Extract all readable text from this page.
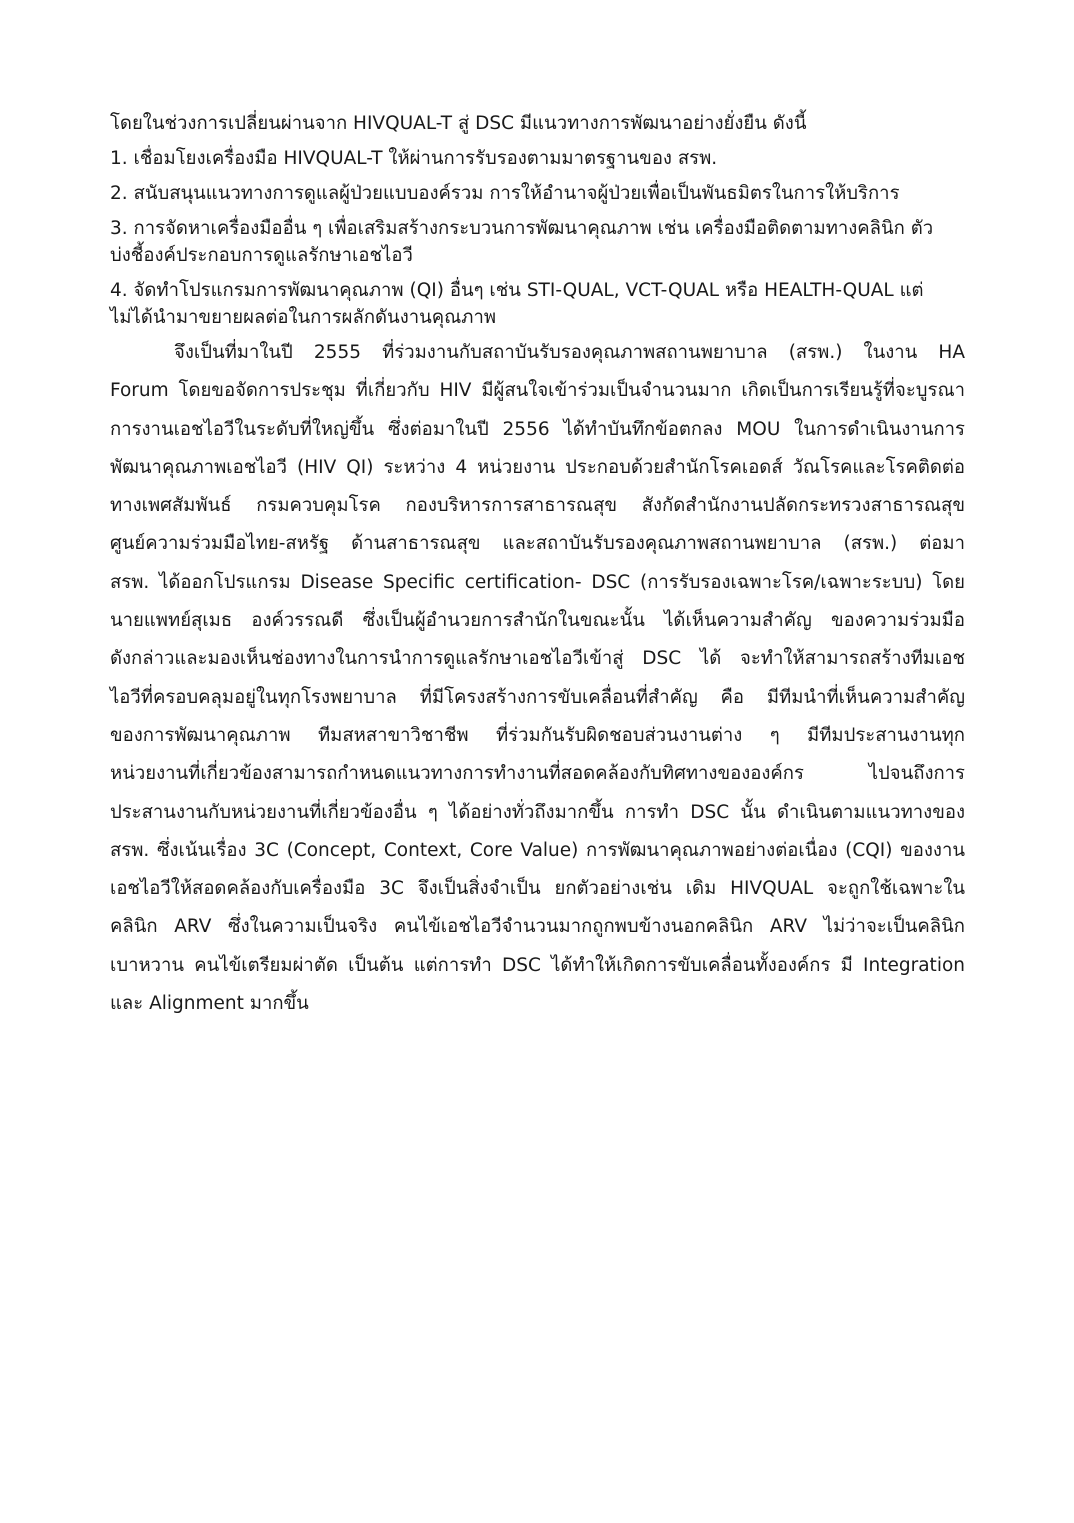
โดยในช่วงการเปลี่ยนผ่านจาก HIVQUAL-T สู่ DSC มีแนวทางการพัฒนาอย่างยั่งยืน ดังนี้
1. เชื่อมโยงเครื่องมือ HIVQUAL-T ให้ผ่านการรับรองตามมาตรฐานของ สรพ.
2. สนับสนุนแนวทางการดูแลผู้ป่วยแบบองค์รวม การให้อำนาจผู้ป่วยเพื่อเป็นพันธมิตรในการให้บริการ
3. การจัดหาเครื่องมืออื่น ๆ เพื่อเสริมสร้างกระบวนการพัฒนาคุณภาพ เช่น เครื่องมือติดตามทางคลินิก ตัว
บ่งชี้องค์ประกอบการดูแลรักษาเอชไอวี
4. จัดทำโปรแกรมการพัฒนาคุณภาพ (QI) อื่นๆ เช่น STI-QUAL, VCT-QUAL หรือ HEALTH-QUAL แต่
ไม่ได้นำมาขยายผลต่อในการผลักดันงานคุณภาพ
จึงเป็นที่มาในปี 2555 ที่ร่วมงานกับสถาบันรับรองคุณภาพสถานพยาบาล (สรพ.) ในงาน HA
Forum โดยขอจัดการประชุม ที่เกี่ยวกับ HIV มีผู้สนใจเข้าร่วมเป็นจำนวนมาก เกิดเป็นการเรียนรู้ที่จะบูรณา
การงานเอชไอวีในระดับที่ใหญ่ขึ้น ซึ่งต่อมาในปี 2556 ได้ทำบันทึกข้อตกลง MOU ในการดำเนินงานการ
พัฒนาคุณภาพเอชไอวี (HIV QI) ระหว่าง 4 หน่วยงาน ประกอบด้วยสำนักโรคเอดส์ วัณโรคและโรคติดต่อ
ทางเพศสัมพันธ์ กรมควบคุมโรค กองบริหารการสาธารณสุข สังกัดสำนักงานปลัดกระทรวงสาธารณสุข
ศูนย์ความร่วมมือไทย-สหรัฐ ด้านสาธารณสุข และสถาบันรับรองคุณภาพสถานพยาบาล (สรพ.) ต่อมา
สรพ. ได้ออกโปรแกรม Disease Specific certification- DSC (การรับรองเฉพาะโรค/เฉพาะระบบ) โดย
นายแพทย์สุเมธ องค์วรรณดี ซึ่งเป็นผู้อำนวยการสำนักในขณะนั้น ได้เห็นความสำคัญ ของความร่วมมือ
ดังกล่าวและมองเห็นช่องทางในการนำการดูแลรักษาเอชไอวีเข้าสู่ DSC ได้ จะทำให้สามารถสร้างทีมเอช
ไอวีที่ครอบคลุมอยู่ในทุกโรงพยาบาล ที่มีโครงสร้างการขับเคลื่อนที่สำคัญ คือ มีทีมนำที่เห็นความสำคัญ
ของการพัฒนาคุณภาพ ทีมสหสาขาวิชาชีพ ที่ร่วมกันรับผิดชอบส่วนงานต่าง ๆ มีทีมประสานงานทุก
หน่วยงานที่เกี่ยวข้องสามารถกำหนดแนวทางการทำงานที่สอดคล้องกับทิศทางขององค์กร ไปจนถึงการ
ประสานงานกับหน่วยงานที่เกี่ยวข้องอื่น ๆ ได้อย่างทั่วถึงมากขึ้น การทำ DSC นั้น ดำเนินตามแนวทางของ
สรพ. ซึ่งเน้นเรื่อง 3C (Concept, Context, Core Value) การพัฒนาคุณภาพอย่างต่อเนื่อง (CQI) ของงาน
เอชไอวีให้สอดคล้องกับเครื่องมือ 3C จึงเป็นสิ่งจำเป็น ยกตัวอย่างเช่น เดิม HIVQUAL จะถูกใช้เฉพาะใน
คลินิก ARV ซึ่งในความเป็นจริง คนไข้เอชไอวีจำนวนมากถูกพบข้างนอกคลินิก ARV ไม่ว่าจะเป็นคลินิก
เบาหวาน คนไข้เตรียมผ่าตัด เป็นต้น แต่การทำ DSC ได้ทำให้เกิดการขับเคลื่อนทั้งองค์กร มี Integration
และ Alignment มากขึ้น
